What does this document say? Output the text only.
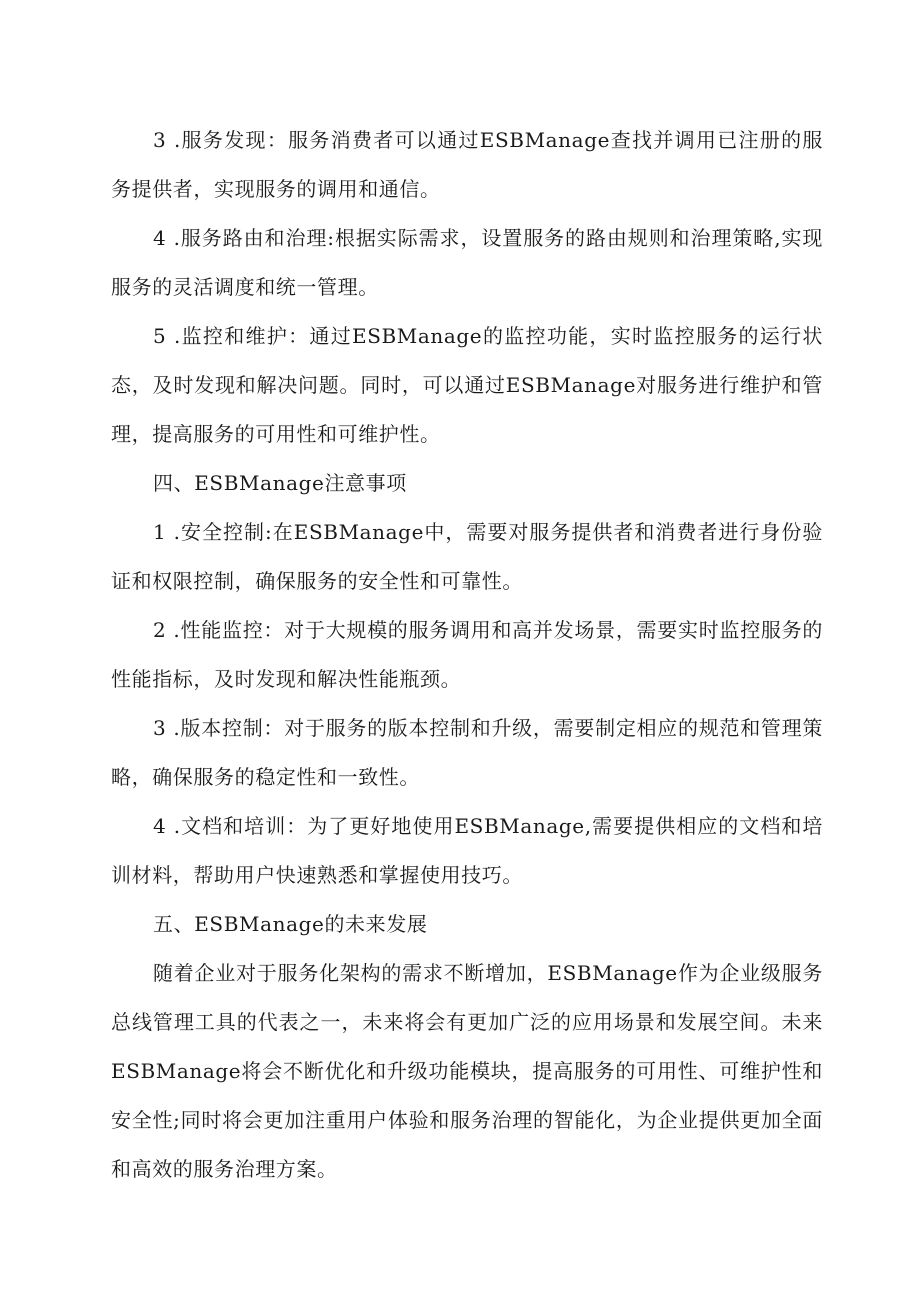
3 .服务发现：服务消费者可以通过ESBManage查找并调用已注册的服务提供者，实现服务的调用和通信。

4 .服务路由和治理:根据实际需求，设置服务的路由规则和治理策略,实现服务的灵活调度和统一管理。

5 .监控和维护：通过ESBManage的监控功能，实时监控服务的运行状态，及时发现和解决问题。同时，可以通过ESBManage对服务进行维护和管理，提高服务的可用性和可维护性。

四、ESBManage注意事项

1 .安全控制:在ESBManage中，需要对服务提供者和消费者进行身份验证和权限控制，确保服务的安全性和可靠性。

2 .性能监控：对于大规模的服务调用和高并发场景，需要实时监控服务的性能指标，及时发现和解决性能瓶颈。

3 .版本控制：对于服务的版本控制和升级，需要制定相应的规范和管理策略，确保服务的稳定性和一致性。

4 .文档和培训：为了更好地使用ESBManage,需要提供相应的文档和培训材料，帮助用户快速熟悉和掌握使用技巧。

五、ESBManage的未来发展

随着企业对于服务化架构的需求不断增加，ESBManage作为企业级服务总线管理工具的代表之一，未来将会有更加广泛的应用场景和发展空间。未来ESBManage将会不断优化和升级功能模块，提高服务的可用性、可维护性和安全性;同时将会更加注重用户体验和服务治理的智能化，为企业提供更加全面和高效的服务治理方案。
